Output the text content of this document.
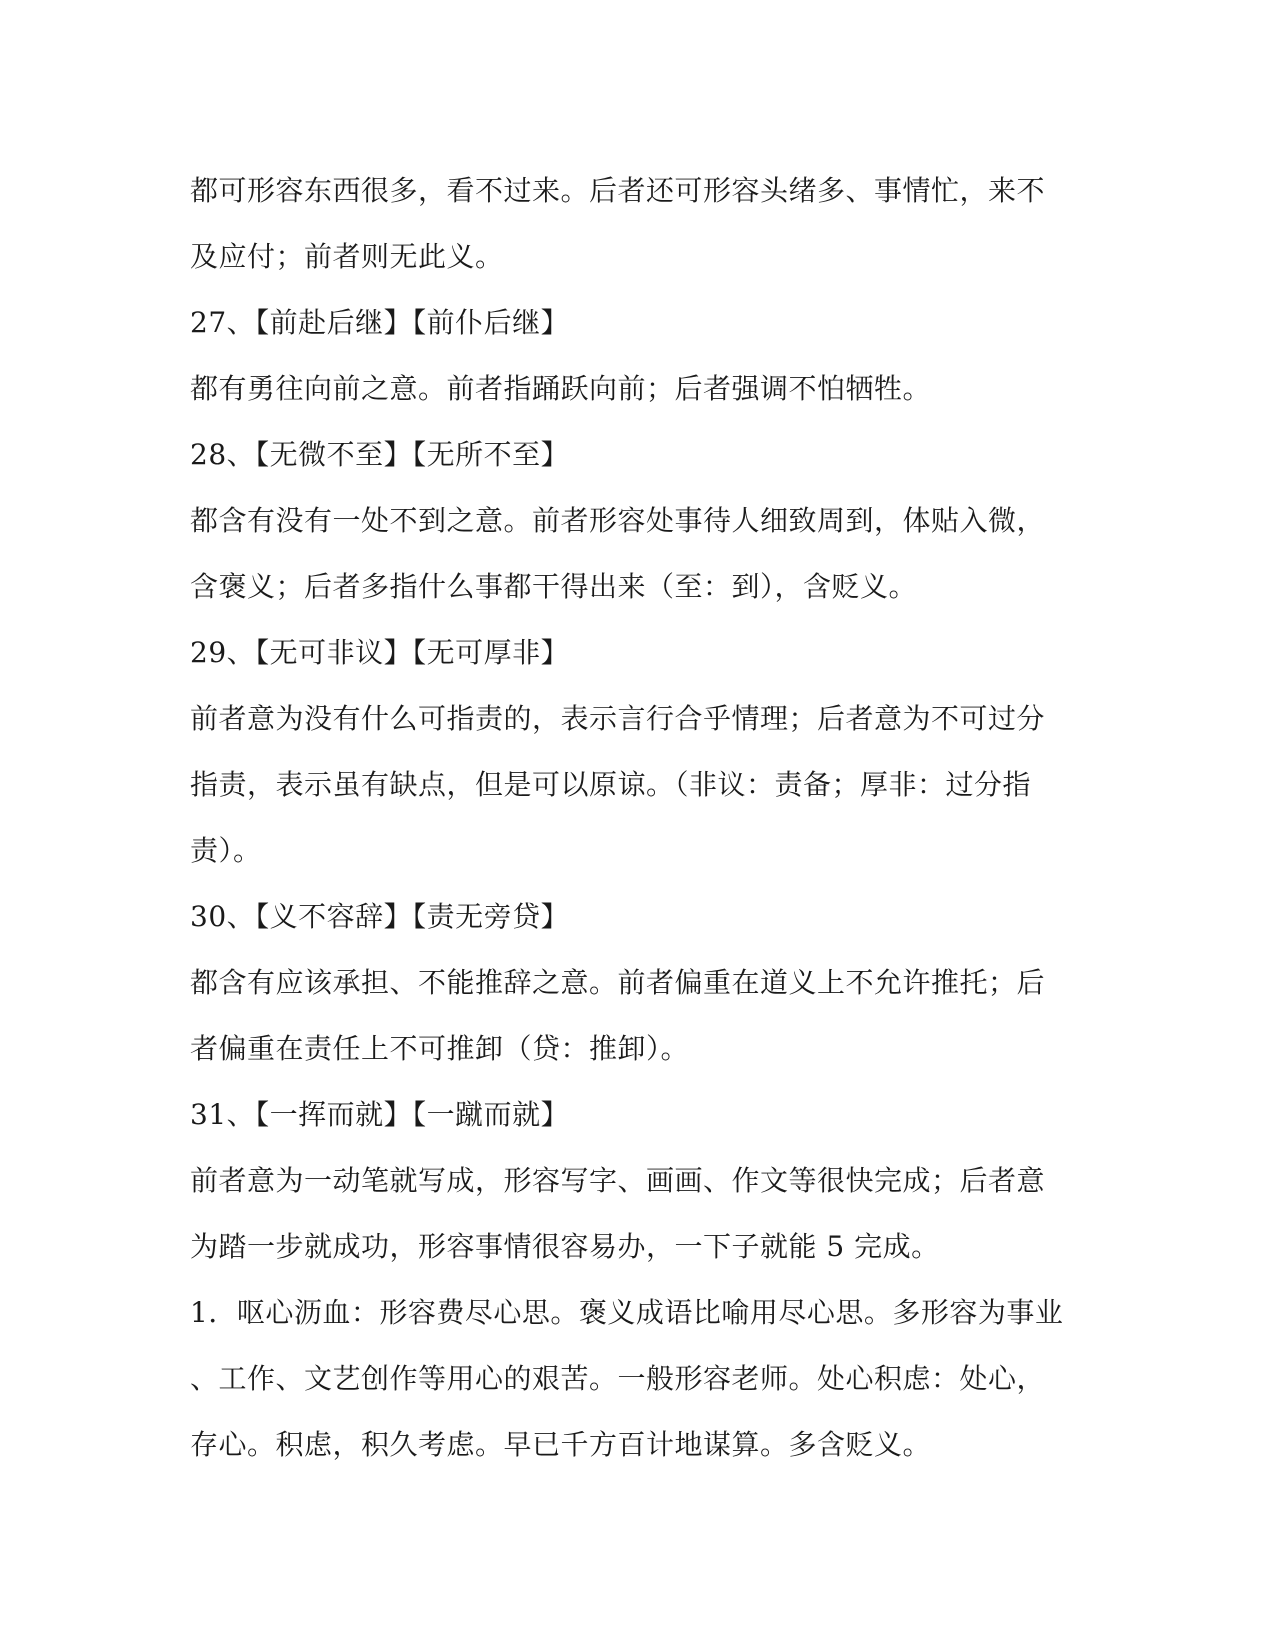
都可形容东西很多，看不过来。后者还可形容头绪多、事情忙，来不
及应付；前者则无此义。
27、【前赴后继】【前仆后继】
都有勇往向前之意。前者指踊跃向前；后者强调不怕牺牲。
28、【无微不至】【无所不至】
都含有没有一处不到之意。前者形容处事待人细致周到，体贴入微，
含褒义；后者多指什么事都干得出来（至：到），含贬义。
29、【无可非议】【无可厚非】
前者意为没有什么可指责的，表示言行合乎情理；后者意为不可过分
指责，表示虽有缺点，但是可以原谅。（非议：责备；厚非：过分指
责）。
30、【义不容辞】【责无旁贷】
都含有应该承担、不能推辞之意。前者偏重在道义上不允许推托；后
者偏重在责任上不可推卸（贷：推卸）。
31、【一挥而就】【一蹴而就】
前者意为一动笔就写成，形容写字、画画、作文等很快完成；后者意
为踏一步就成功，形容事情很容易办，一下子就能 5 完成。
1．呕心沥血：形容费尽心思。褒义成语比喻用尽心思。多形容为事业
、工作、文艺创作等用心的艰苦。一般形容老师。处心积虑：处心，
存心。积虑，积久考虑。早已千方百计地谋算。多含贬义。
